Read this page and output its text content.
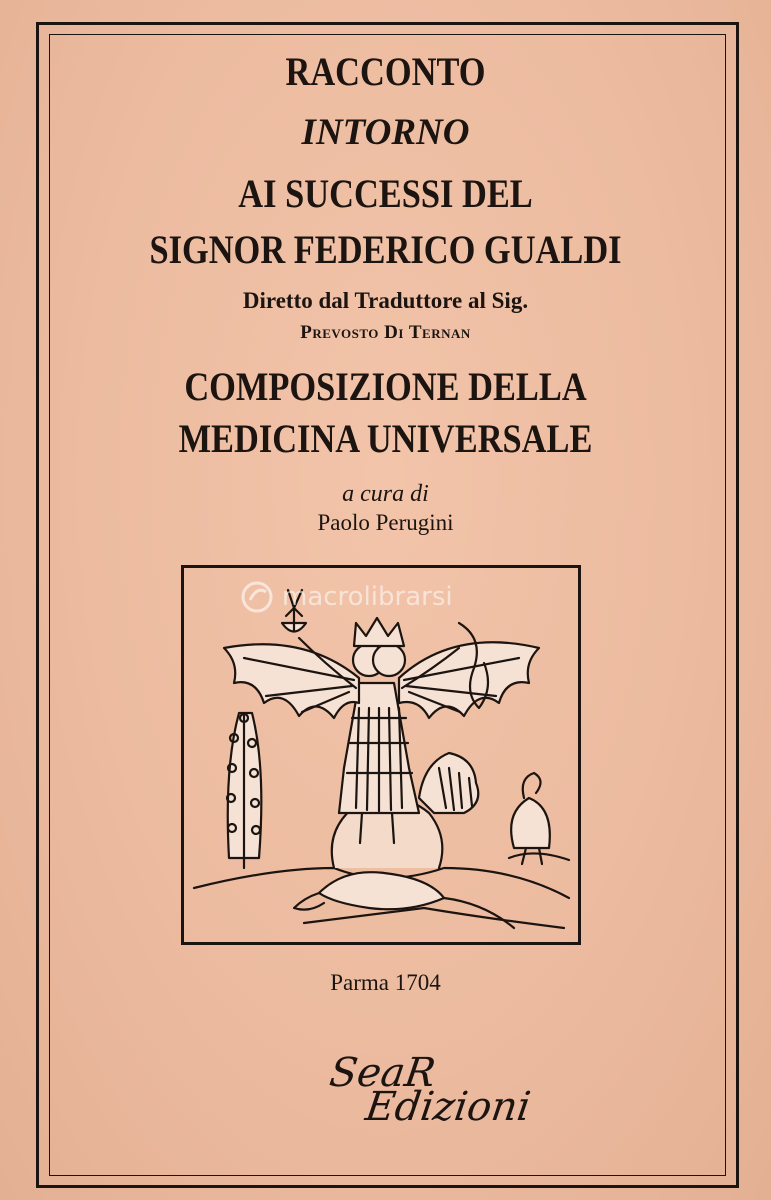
RACCONTO
INTORNO
AI SUCCESSI DEL
SIGNOR FEDERICO GUALDI
Diretto dal Traduttore al Sig.
Prevosto Di Ternan
COMPOSIZIONE DELLA
MEDICINA UNIVERSALE
a cura di
Paolo Perugini
macrolibrarsi
Parma 1704
SeaR
Edizioni
